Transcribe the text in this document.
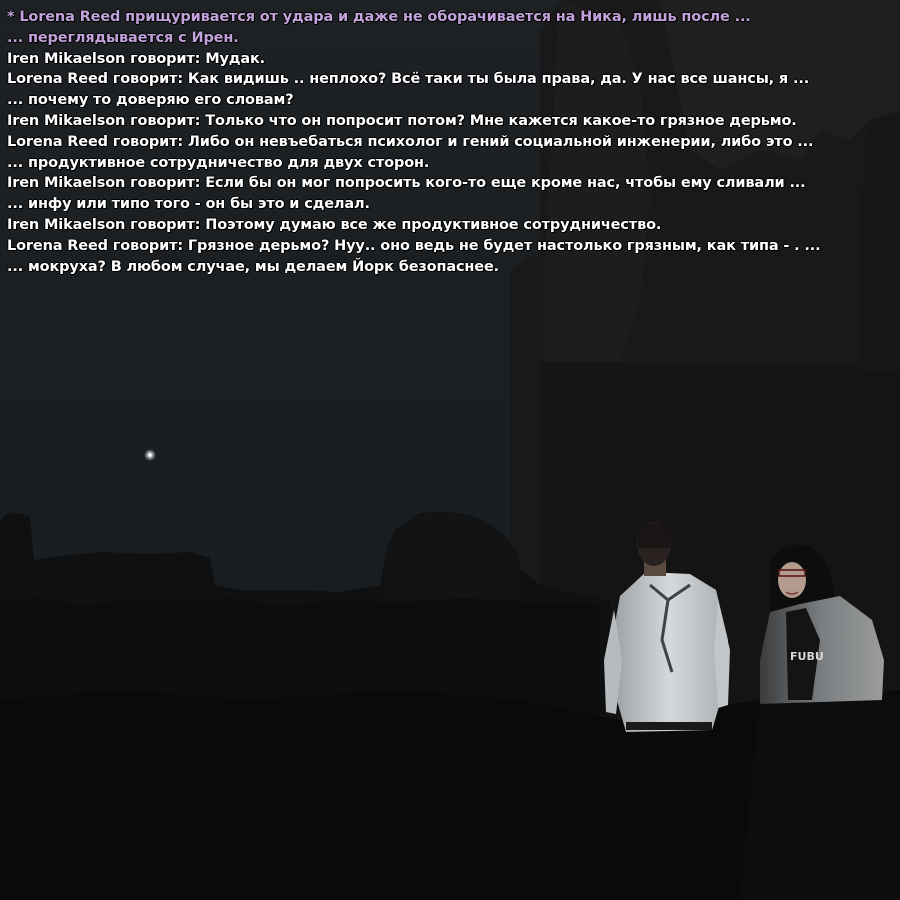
FUBU
* Lorena Reed прищуривается от удара и даже не оборачивается на Ника, лишь после ...
... переглядывается с Ирен.
Iren Mikaelson говорит: Мудак.
Lorena Reed говорит: Как видишь .. неплохо? Всё таки ты была права, да. У нас все шансы, я ...
... почему то доверяю его словам?
Iren Mikaelson говорит: Только что он попросит потом? Мне кажется какое-то грязное дерьмо.
Lorena Reed говорит: Либо он невъебаться психолог и гений социальной инженерии, либо это ...
... продуктивное сотрудничество для двух сторон.
Iren Mikaelson говорит: Если бы он мог попросить кого-то еще кроме нас, чтобы ему сливали ...
... инфу или типо того - он бы это и сделал.
Iren Mikaelson говорит: Поэтому думаю все же продуктивное сотрудничество.
Lorena Reed говорит: Грязное дерьмо? Нуу.. оно ведь не будет настолько грязным, как типа - . ...
... мокруха? В любом случае, мы делаем Йорк безопаснее.
